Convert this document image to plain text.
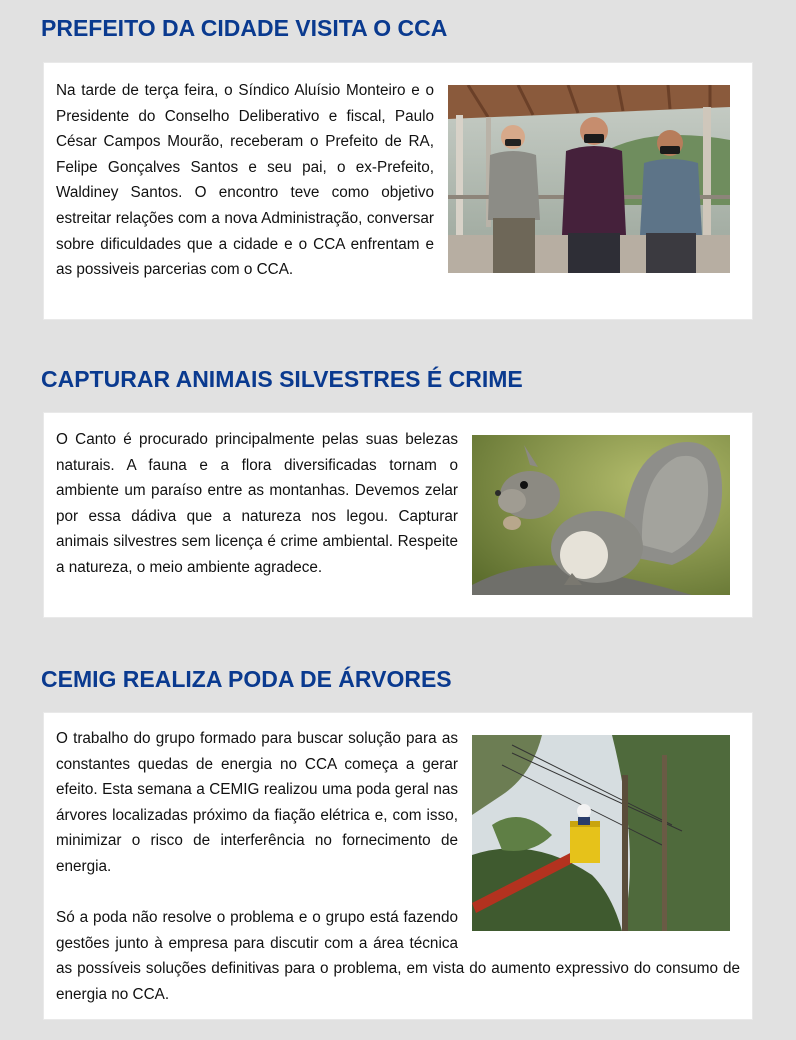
PREFEITO DA CIDADE VISITA O CCA

Na tarde de terça feira, o Síndico Aluísio Monteiro e o Presidente do Conselho Deliberativo e fiscal, Paulo César Campos Mourão, receberam o Prefeito de RA, Felipe Gonçalves Santos e seu pai, o ex-Prefeito, Waldiney Santos. O encontro teve como objetivo estreitar relações com a nova Administração, conversar sobre dificuldades que a cidade e o CCA enfrentam e as possiveis parcerias com o CCA.

CAPTURAR ANIMAIS SILVESTRES É CRIME

O Canto é procurado principalmente pelas suas belezas naturais. A fauna e a flora diversificadas tornam o ambiente um paraíso entre as montanhas. Devemos zelar por essa dádiva que a natureza nos legou. Capturar animais silvestres sem licença é crime ambiental. Respeite a natureza, o meio ambiente agradece.

CEMIG REALIZA PODA DE ÁRVORES

O trabalho do grupo formado para buscar solução para as constantes quedas de energia no CCA começa a gerar efeito. Esta semana a CEMIG realizou uma poda geral nas árvores localizadas próximo da fiação elétrica e, com isso, minimizar o risco de interferência no fornecimento de energia.

Só a poda não resolve o problema e o grupo está fazendo gestões junto à empresa para discutir com a área técnica as possíveis soluções definitivas para o problema, em vista do aumento expressivo do consumo de energia no CCA.
